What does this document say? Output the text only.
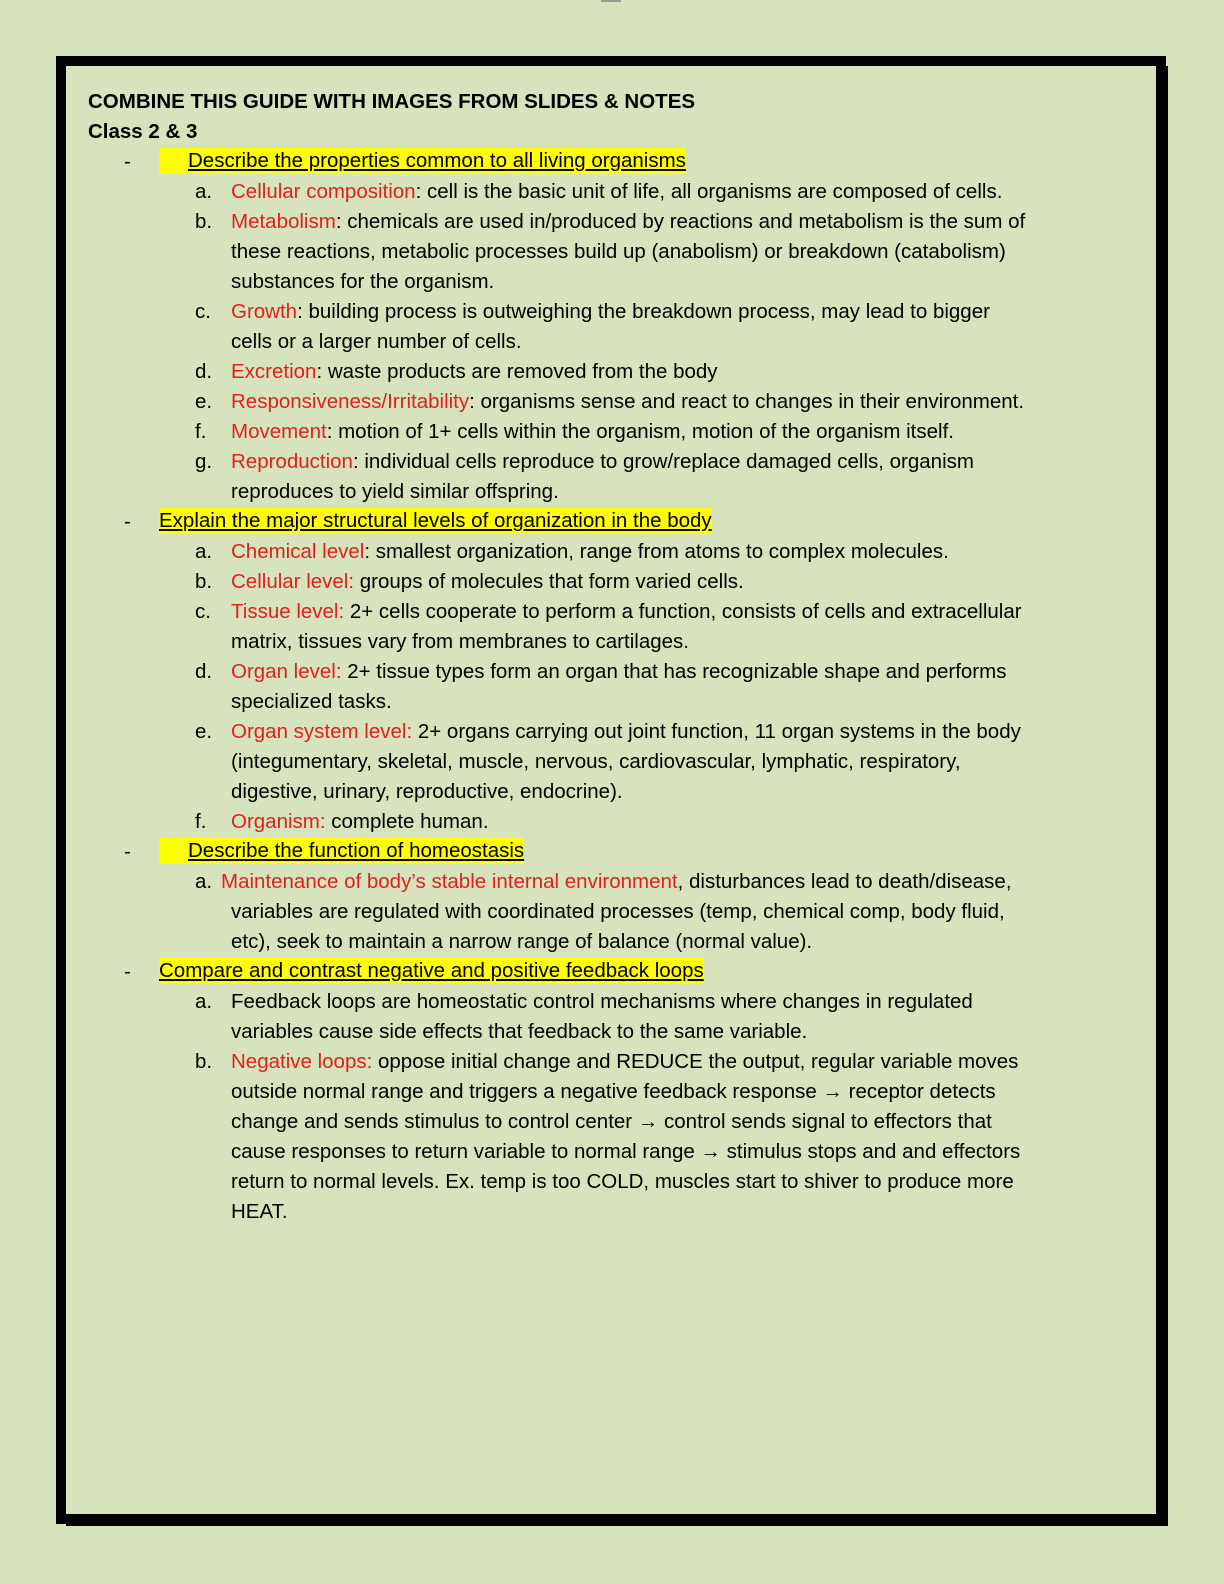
COMBINE THIS GUIDE WITH IMAGES FROM SLIDES & NOTES
Class 2 & 3
-	Describe the properties common to all living organisms
a. Cellular composition: cell is the basic unit of life, all organisms are composed of cells.
b. Metabolism: chemicals are used in/produced by reactions and metabolism is the sum of these reactions, metabolic processes build up (anabolism) or breakdown (catabolism) substances for the organism.
c. Growth: building process is outweighing the breakdown process, may lead to bigger cells or a larger number of cells.
d. Excretion: waste products are removed from the body
e. Responsiveness/Irritability: organisms sense and react to changes in their environment.
f.	Movement: motion of 1+ cells within the organism, motion of the organism itself.
g. Reproduction: individual cells reproduce to grow/replace damaged cells, organism reproduces to yield similar offspring.
- Explain the major structural levels of organization in the body
a. Chemical level: smallest organization, range from atoms to complex molecules.
b. Cellular level: groups of molecules that form varied cells.
c. Tissue level: 2+ cells cooperate to perform a function, consists of cells and extracellular matrix, tissues vary from membranes to cartilages.
d. Organ level: 2+ tissue types form an organ that has recognizable shape and performs specialized tasks.
e. Organ system level: 2+ organs carrying out joint function, 11 organ systems in the body (integumentary, skeletal, muscle, nervous, cardiovascular, lymphatic, respiratory, digestive, urinary, reproductive, endocrine).
f.	Organism: complete human.
-	Describe the function of homeostasis
a. Maintenance of body’s stable internal environment, disturbances lead to death/disease, variables are regulated with coordinated processes (temp, chemical comp, body fluid, etc), seek to maintain a narrow range of balance (normal value).
- Compare and contrast negative and positive feedback loops
a. Feedback loops are homeostatic control mechanisms where changes in regulated variables cause side effects that feedback to the same variable.
b. Negative loops: oppose initial change and REDUCE the output, regular variable moves outside normal range and triggers a negative feedback response → receptor detects change and sends stimulus to control center → control sends signal to effectors that cause responses to return variable to normal range → stimulus stops and and effectors return to normal levels. Ex. temp is too COLD, muscles start to shiver to produce more HEAT.
